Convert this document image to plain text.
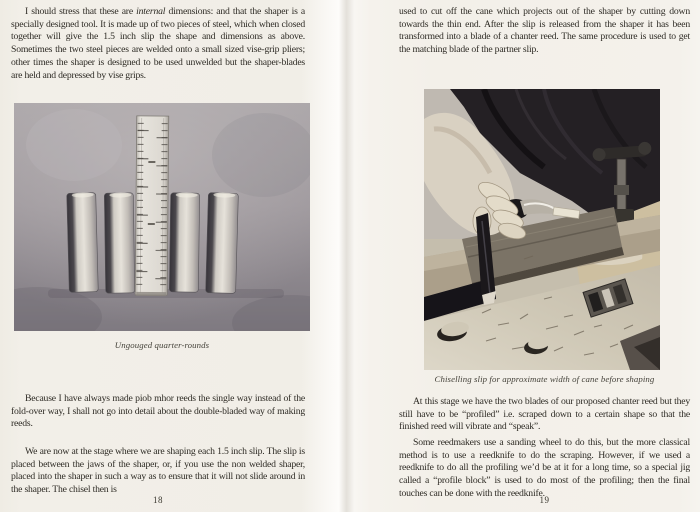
I should stress that these are internal dimensions: and that the shaper is a specially designed tool. It is made up of two pieces of steel, which when closed together will give the 1.5 inch slip the shape and dimensions as above. Sometimes the two steel pieces are welded onto a small sized vise-grip pliers; other times the shaper is designed to be used unwelded but the shaper-blades are held and depressed by vise grips.

Ungouged quarter-rounds

Because I have always made piob mhor reeds the single way instead of the fold-over way, I shall not go into detail about the double-bladed way of making reeds.

We are now at the stage where we are shaping each 1.5 inch slip. The slip is placed between the jaws of the shaper, or, if you use the non welded shaper, placed into the shaper in such a way as to ensure that it will not slide around in the shaper. The chisel then is

18

used to cut off the cane which projects out of the shaper by cutting down towards the thin end. After the slip is released from the shaper it has been transformed into a blade of a chanter reed. The same procedure is used to get the matching blade of the partner slip.

Chiselling slip for approximate width of cane before shaping

At this stage we have the two blades of our proposed chanter reed but they still have to be “profiled” i.e. scraped down to a certain shape so that the finished reed will vibrate and “speak”.

Some reedmakers use a sanding wheel to do this, but the more classical method is to use a reedknife to do the scraping. However, if we used a reedknife to do all the profiling we’d be at it for a long time, so a special jig called a “profile block” is used to do most of the profiling; then the final touches can be done with the reedknife.

19
